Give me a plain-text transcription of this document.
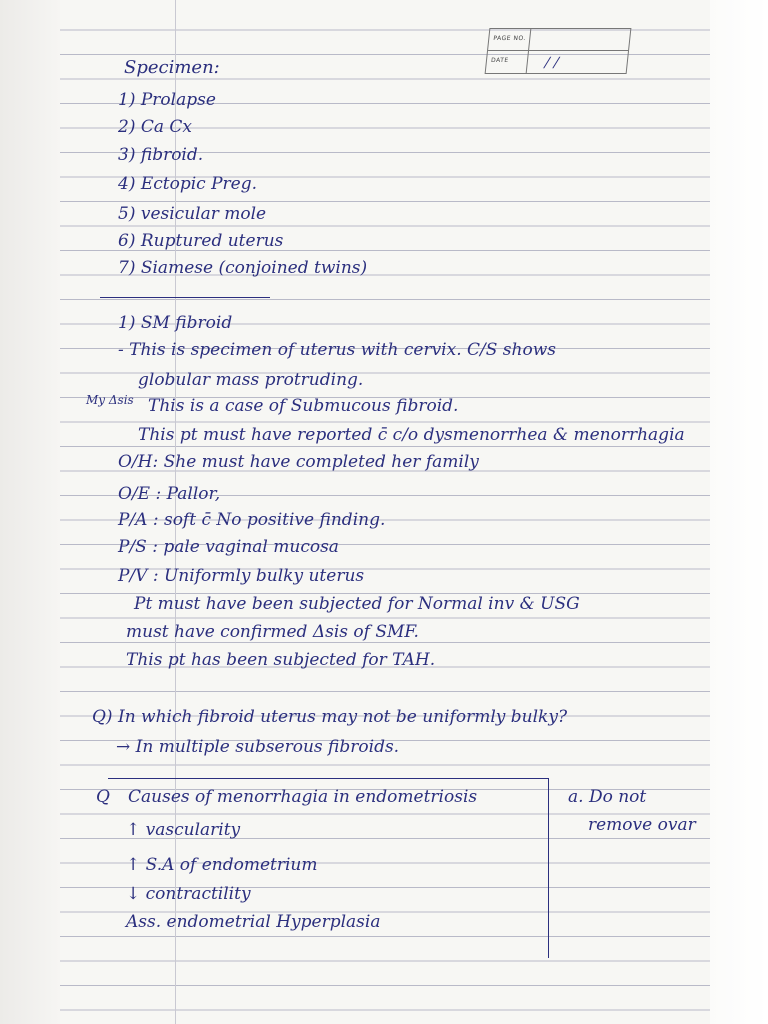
PAGE NO.
DATE / /
Specimen:
1) Prolapse
2) Ca Cx
3) fibroid.
4) Ectopic Preg.
5) vesicular mole
6) Ruptured uterus
7) Siamese (conjoined twins)
1) SM fibroid
- This is specimen of uterus with cervix. C/S shows
globular mass protruding.
My Δsis This is a case of Submucous fibroid.
This pt must have reported c̄ c/o dysmenorrhea & menorrhagia
O/H: She must have completed her family
O/E : Pallor,
P/A : soft c̄ No positive finding.
P/S : pale vaginal mucosa
P/V : Uniformly bulky uterus
Pt must have been subjected for Normal inv & USG
must have confirmed Δsis of SMF.
This pt has been subjected for TAH.
Q) In which fibroid uterus may not be uniformly bulky?
→ In multiple subserous fibroids.
Q Causes of menorrhagia in endometriosis
↑ vascularity
↑ S.A of endometrium
↓ contractility
Ass. endometrial Hyperplasia
a. Do not
remove ovar
